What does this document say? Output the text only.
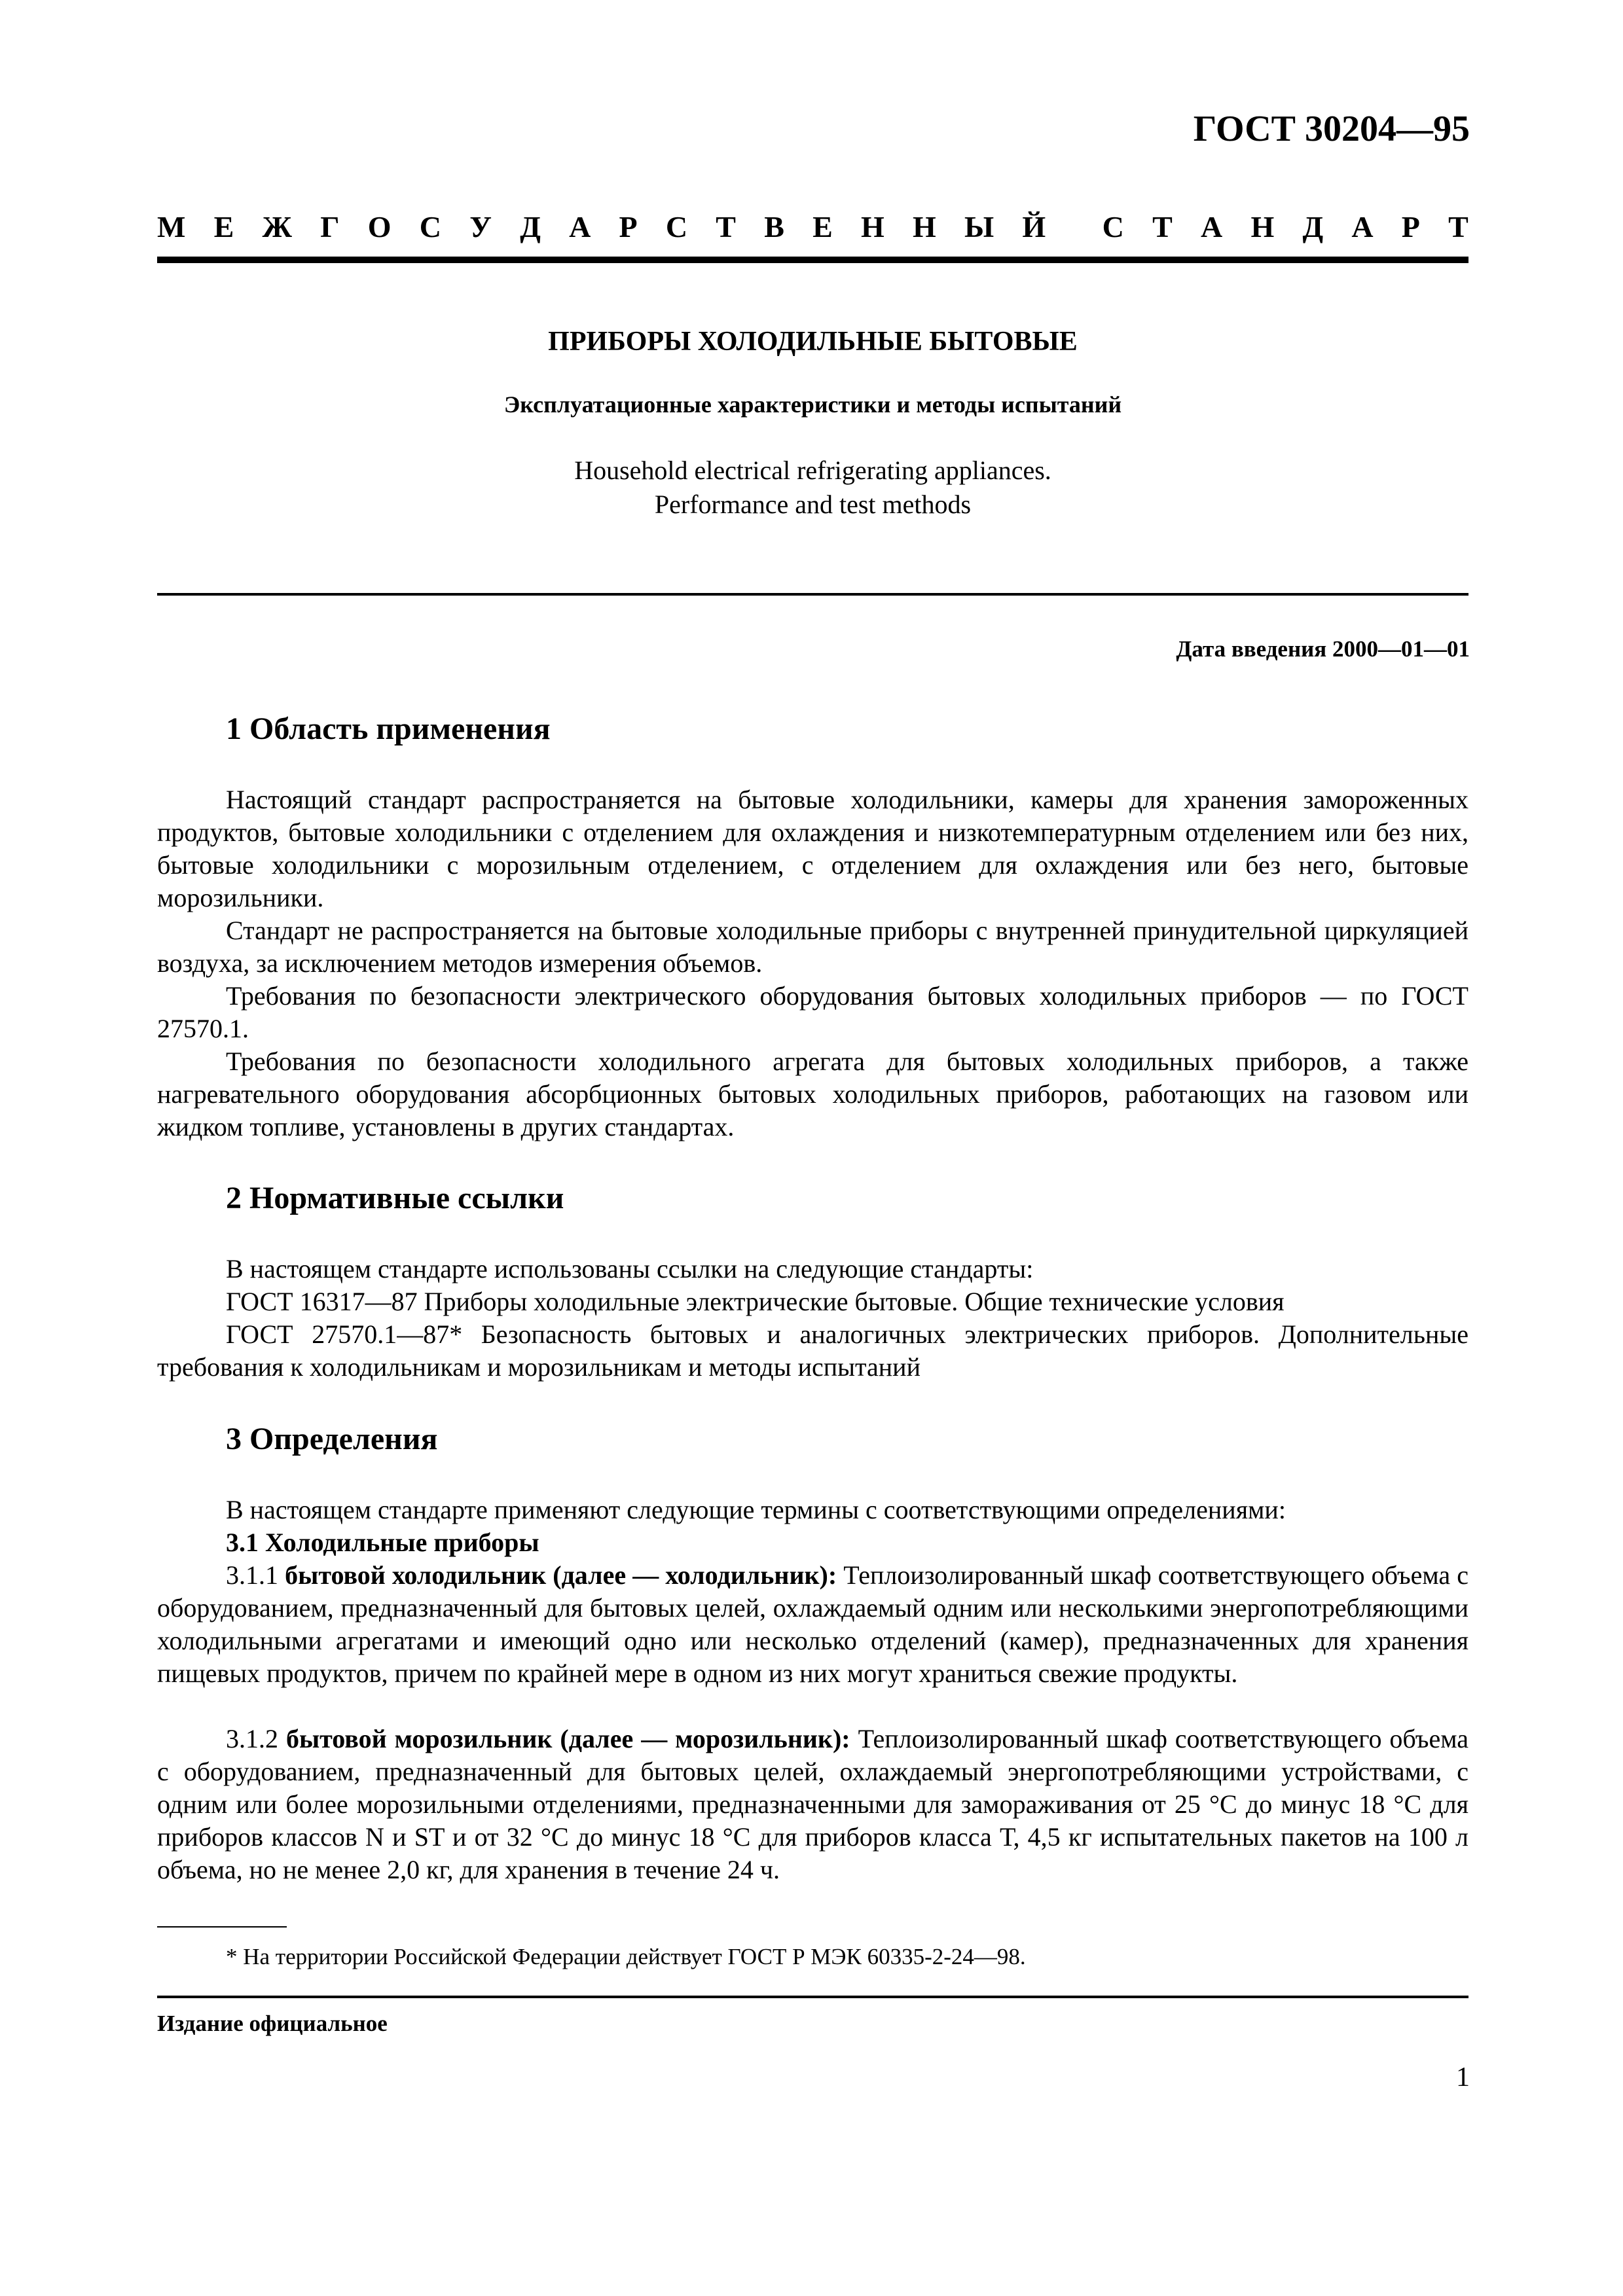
ГОСТ 30204—95
М Е Ж Г О С У Д А Р С Т В Е Н Н Ы Й С Т А Н Д А Р Т
ПРИБОРЫ ХОЛОДИЛЬНЫЕ БЫТОВЫЕ
Эксплуатационные характеристики и методы испытаний
Household electrical refrigerating appliances.
Performance and test methods
Дата введения 2000—01—01
1 Область применения
Настоящий стандарт распространяется на бытовые холодильники, камеры для хранения замороженных продуктов, бытовые холодильники с отделением для охлаждения и низкотемпературным отделением или без них, бытовые холодильники с морозильным отделением, с отделением для охлаждения или без него, бытовые морозильники.
Стандарт не распространяется на бытовые холодильные приборы с внутренней принудительной циркуляцией воздуха, за исключением методов измерения объемов.
Требования по безопасности электрического оборудования бытовых холодильных приборов — по ГОСТ 27570.1.
Требования по безопасности холодильного агрегата для бытовых холодильных приборов, а также нагревательного оборудования абсорбционных бытовых холодильных приборов, работающих на газовом или жидком топливе, установлены в других стандартах.
2 Нормативные ссылки
В настоящем стандарте использованы ссылки на следующие стандарты:
ГОСТ 16317—87 Приборы холодильные электрические бытовые. Общие технические условия
ГОСТ 27570.1—87* Безопасность бытовых и аналогичных электрических приборов. Дополнительные требования к холодильникам и морозильникам и методы испытаний
3 Определения
В настоящем стандарте применяют следующие термины с соответствующими определениями:
3.1 Холодильные приборы
3.1.1 бытовой холодильник (далее — холодильник): Теплоизолированный шкаф соответствующего объема с оборудованием, предназначенный для бытовых целей, охлаждаемый одним или несколькими энергопотребляющими холодильными агрегатами и имеющий одно или несколько отделений (камер), предназначенных для хранения пищевых продуктов, причем по крайней мере в одном из них могут храниться свежие продукты.
3.1.2 бытовой морозильник (далее — морозильник): Теплоизолированный шкаф соответствующего объема с оборудованием, предназначенный для бытовых целей, охлаждаемый энергопотребляющими устройствами, с одним или более морозильными отделениями, предназначенными для замораживания от 25 °С до минус 18 °С для приборов классов N и ST и от 32 °С до минус 18 °С для приборов класса Т, 4,5 кг испытательных пакетов на 100 л объема, но не менее 2,0 кг, для хранения в течение 24 ч.
* На территории Российской Федерации действует ГОСТ Р МЭК 60335-2-24—98.
Издание официальное
1
